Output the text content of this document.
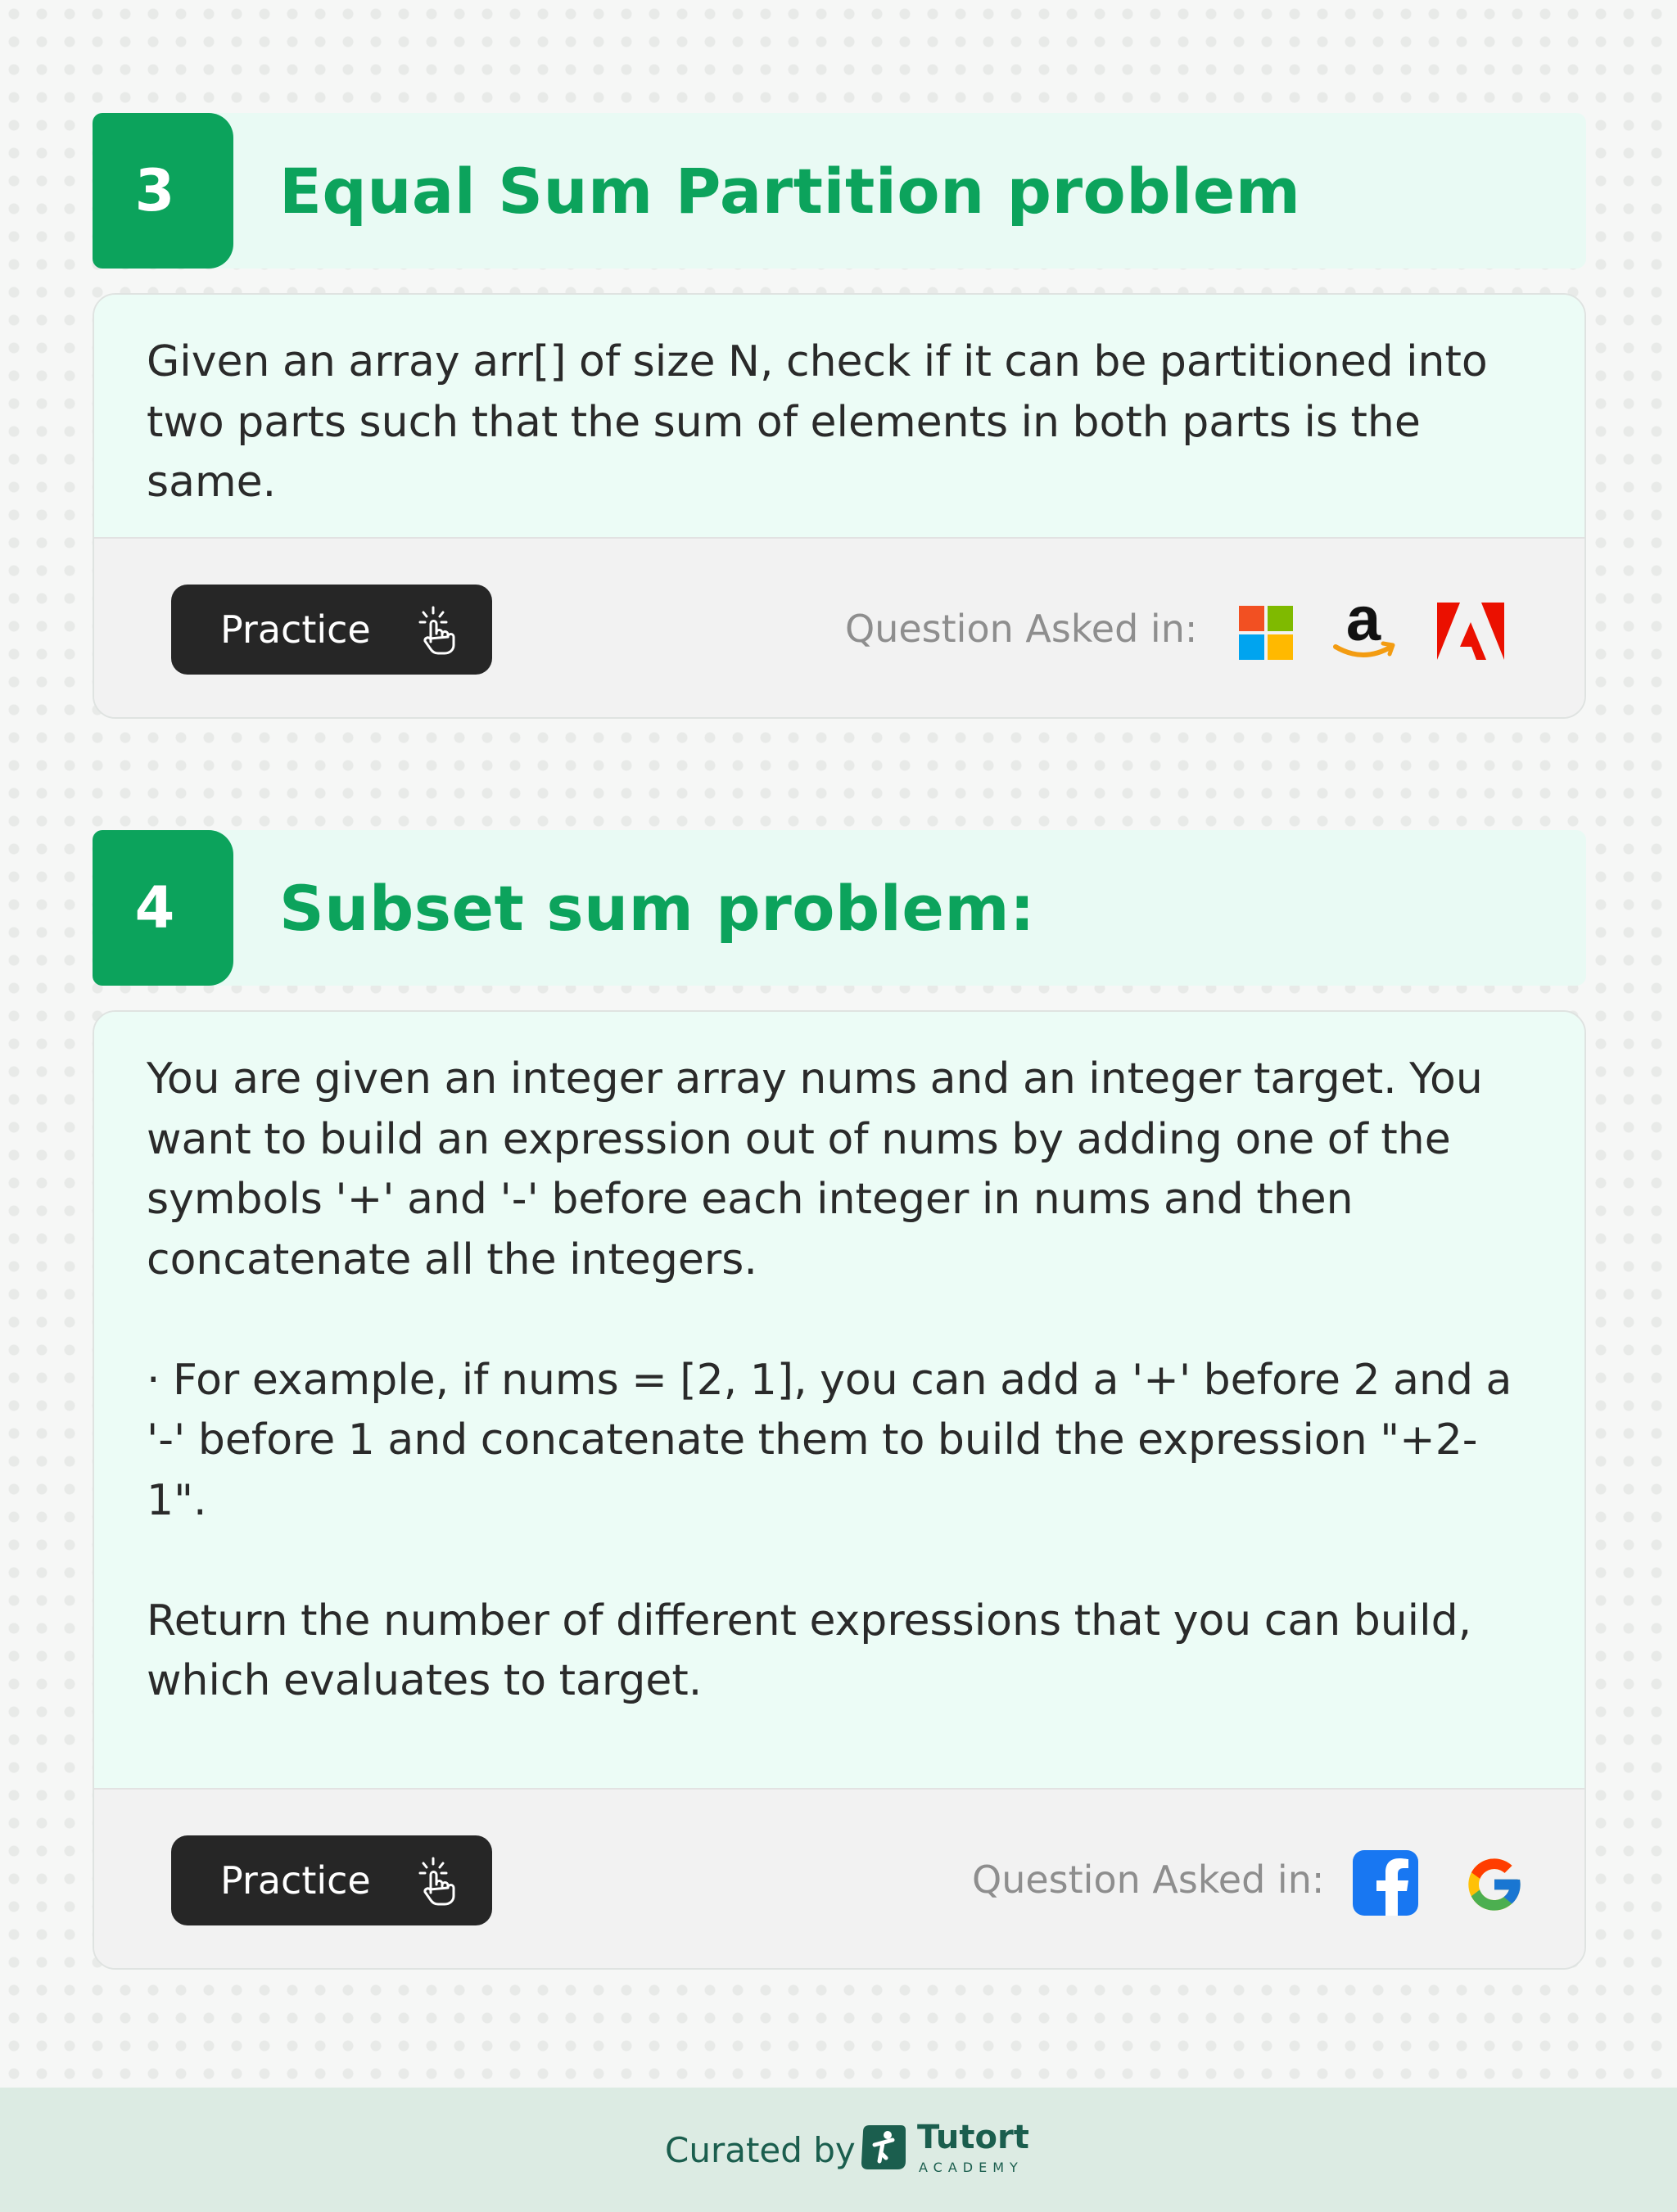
3 Equal Sum Partition problem

Given an array arr[] of size N, check if it can be partitioned into two parts such that the sum of elements in both parts is the same.

Practice	Question Asked in: a
4 Subset sum problem:

You are given an integer array nums and an integer target. You want to build an expression out of nums by adding one of the symbols '+' and '-' before each integer in nums and then concatenate all the integers.

· For example, if nums = [2, 1], you can add a '+' before 2 and a '-' before 1 and concatenate them to build the expression "+2-1".

Return the number of different expressions that you can build, which evaluates to target.

Practice	Question Asked in:
Curated by Tutort
ACADEMY
